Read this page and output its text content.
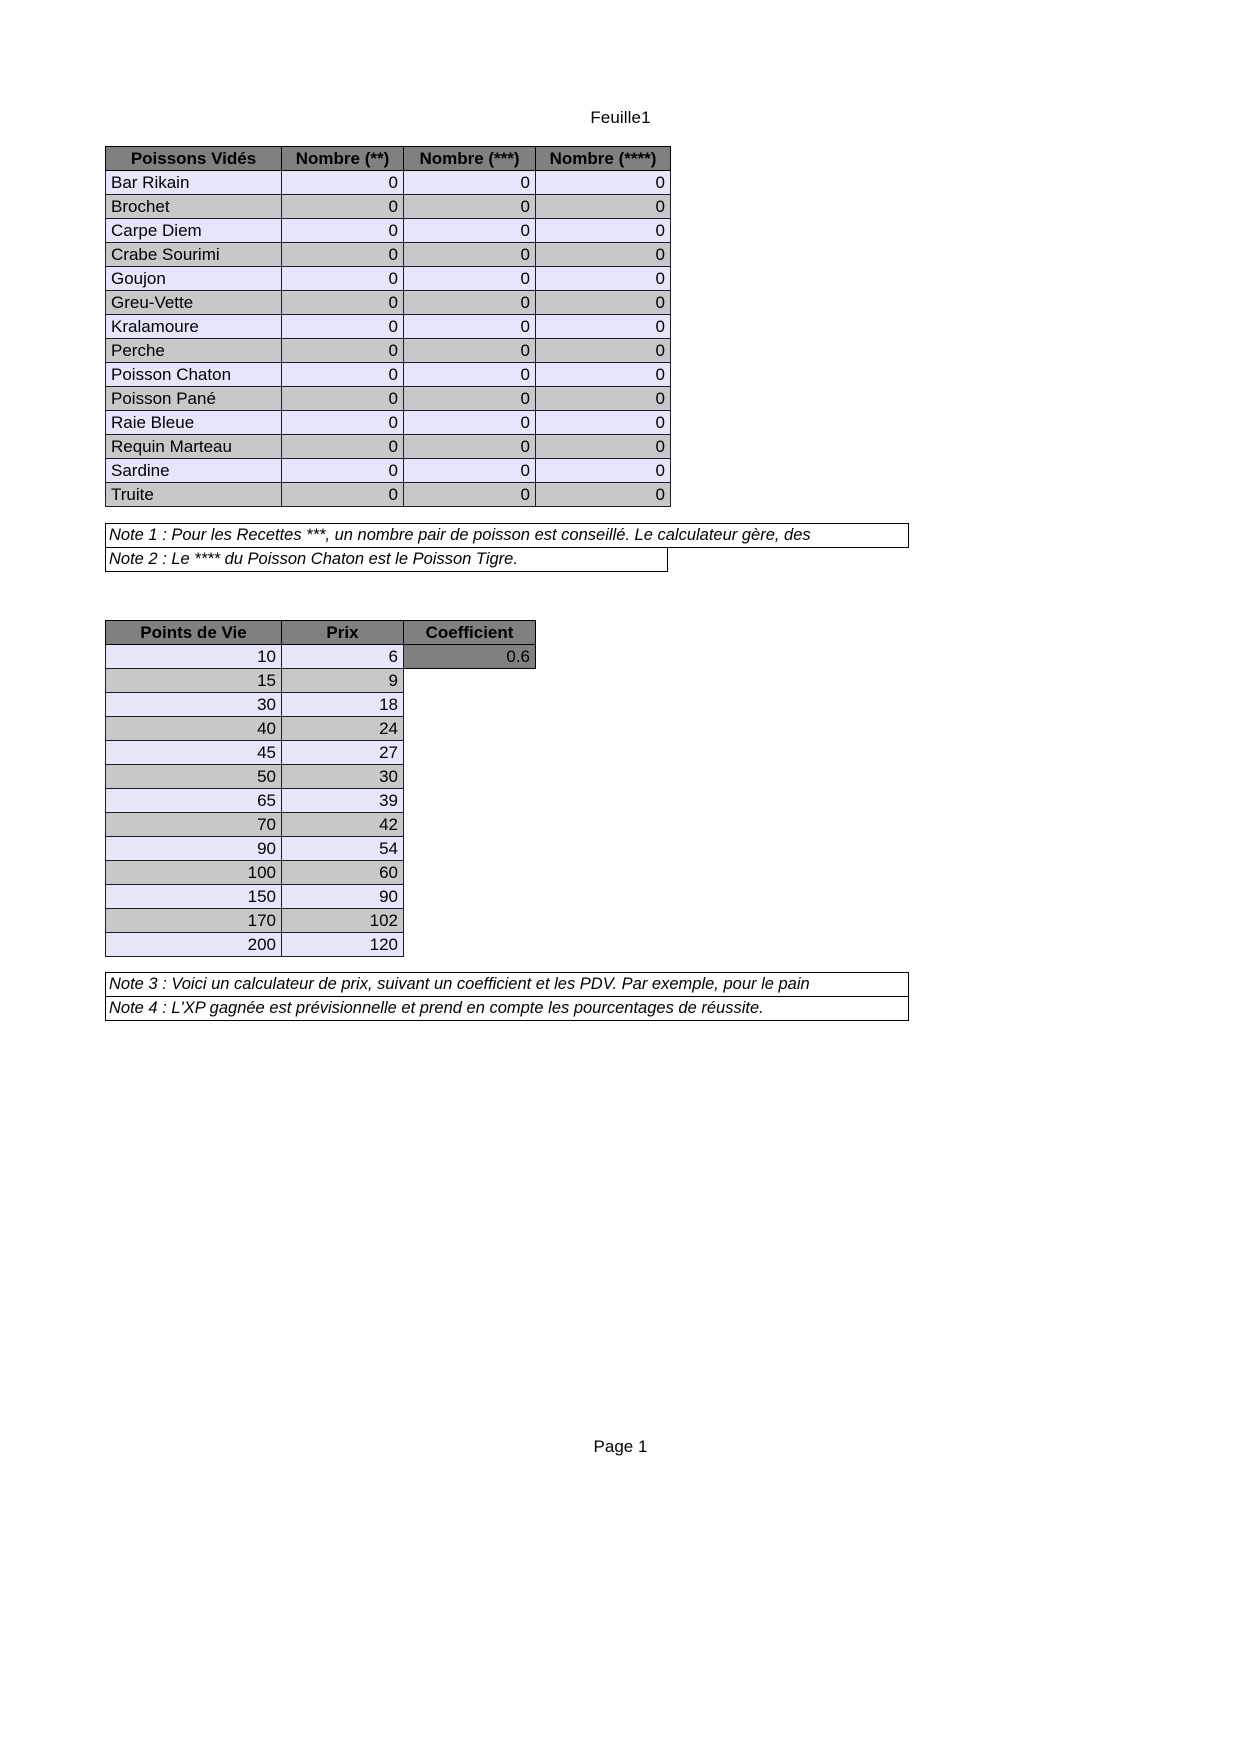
Feuille1
Poissons Vidés	Nombre (**)	Nombre (***)	Nombre (****)
Bar Rikain	0	0	0
Brochet	0	0	0
Carpe Diem	0	0	0
Crabe Sourimi	0	0	0
Goujon	0	0	0
Greu-Vette	0	0	0
Kralamoure	0	0	0
Perche	0	0	0
Poisson Chaton	0	0	0
Poisson Pané	0	0	0
Raie Bleue	0	0	0
Requin Marteau	0	0	0
Sardine	0	0	0
Truite	0	0	0
Note 1 : Pour les Recettes ***, un nombre pair de poisson est conseillé. Le calculateur gère, des
Note 2 : Le **** du Poisson Chaton est le Poisson Tigre.
Points de Vie	Prix	Coefficient
10	6	0.6
15	9	
30	18	
40	24	
45	27	
50	30	
65	39	
70	42	
90	54	
100	60	
150	90	
170	102	
200	120	
Note 3 : Voici un calculateur de prix, suivant un coefficient et les PDV. Par exemple, pour le pain
Note 4 : L'XP gagnée est prévisionnelle et prend en compte les pourcentages de réussite.
Page 1
